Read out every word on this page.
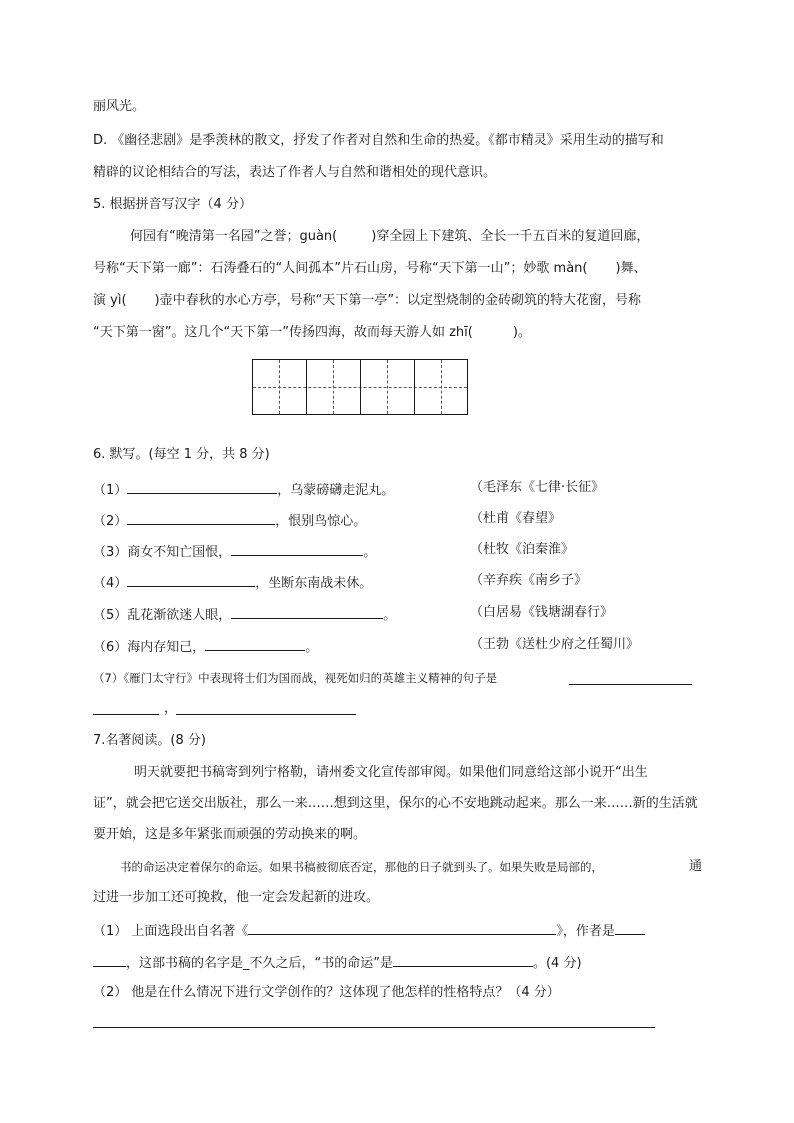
丽风光。
D. 《幽径悲剧》是季羡林的散文，抒发了作者对自然和生命的热爱。《都市精灵》采用生动的描写和
精辟的议论相结合的写法，表达了作者人与自然和谐相处的现代意识。
5. 根据拼音写汉字（4 分）
何园有“晚清第一名园”之誉；guàn(	)穿全园上下建筑、全长一千五百米的复道回廊，
号称“天下第一廊”：石涛叠石的“人间孤本”片石山房，号称“天下第一山”；妙歌 màn( )舞、
演 yì( )壶中春秋的水心方亭，号称“天下第一亭”：以定型烧制的金砖砌筑的特大花窗，号称
“天下第一窗”。这几个“天下第一”传扬四海，故而每天游人如 zhī(	)。
6. 默写。(每空 1 分，共 8 分)
（1）	，乌蒙磅礴走泥丸。	（毛泽东《七律·长征》
（2）	，恨别鸟惊心。	（杜甫《春望》
（3）商女不知亡国恨，	。	（杜牧《泊秦淮》
（4）	，坐断东南战未休。	（辛弃疾《南乡子》
（5）乱花渐欲迷人眼，	。	（白居易《钱塘湖春行》
（6）海内存知己，	。	（王勃《送杜少府之任蜀川》
（7）《雁门太守行》中表现将士们为国而战，视死如归的英雄主义精神的句子是
，
7.名著阅读。(8 分)
明天就要把书稿寄到列宁格勒，请州委文化宣传部审阅。如果他们同意给这部小说开“出生
证”，就会把它送交出版社，那么一来……想到这里，保尔的心不安地跳动起来。那么一来……新的生活就
要开始，这是多年紧张而顽强的劳动换来的啊。
书的命运决定着保尔的命运。如果书稿被彻底否定，那他的日子就到头了。如果失败是局部的，	通
过进一步加工还可挽救，他一定会发起新的进攻。
（1） 上面选段出自名著《	》，作者是
，这部书稿的名字是_不久之后，“书的命运”是	。(4 分)
（2） 他是在什么情况下进行文学创作的？这体现了他怎样的性格特点？（4 分）
